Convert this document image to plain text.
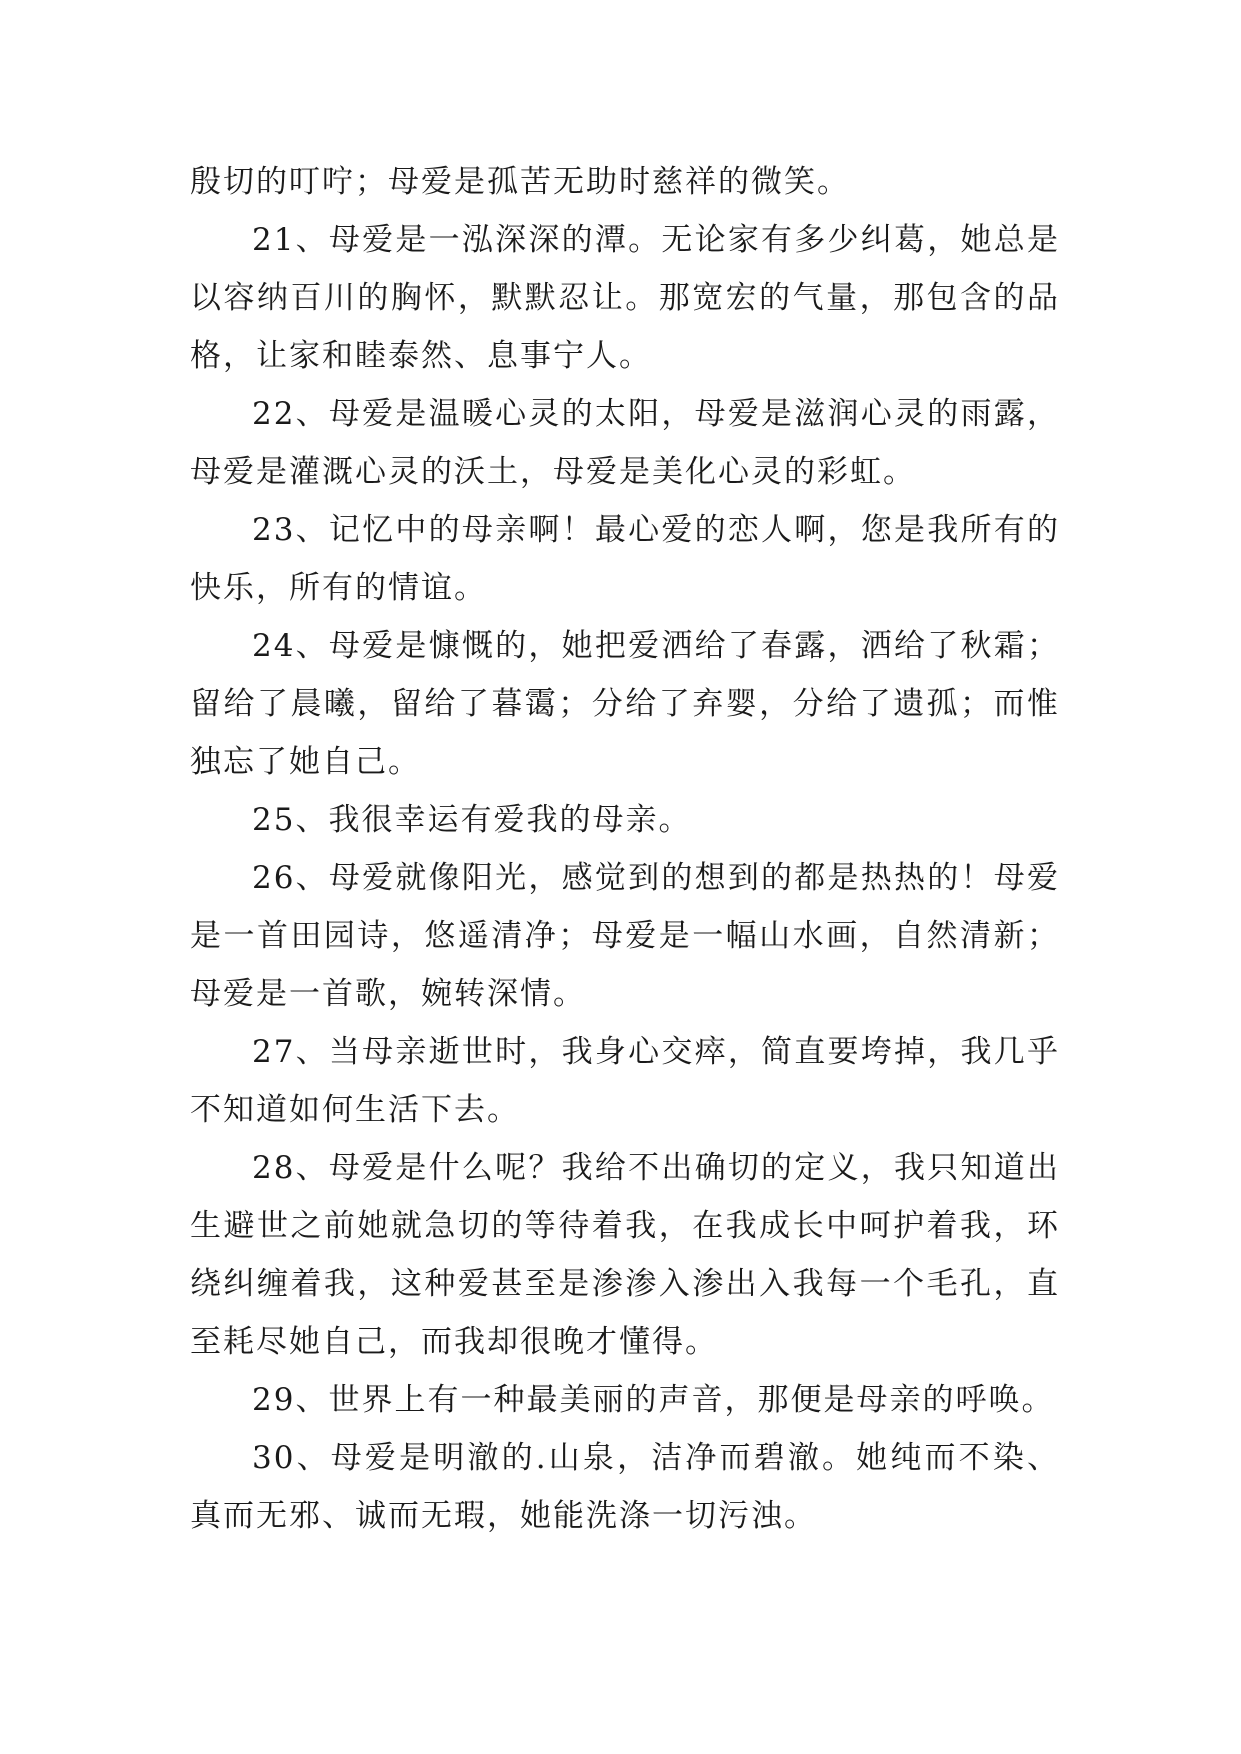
殷切的叮咛；母爱是孤苦无助时慈祥的微笑。
21、母爱是一泓深深的潭。无论家有多少纠葛，她总是
以容纳百川的胸怀，默默忍让。那宽宏的气量，那包含的品
格，让家和睦泰然、息事宁人。
22、母爱是温暖心灵的太阳，母爱是滋润心灵的雨露，
母爱是灌溉心灵的沃土，母爱是美化心灵的彩虹。
23、记忆中的母亲啊！最心爱的恋人啊，您是我所有的
快乐，所有的情谊。
24、母爱是慷慨的，她把爱洒给了春露，洒给了秋霜；
留给了晨曦，留给了暮霭；分给了弃婴，分给了遗孤；而惟
独忘了她自己。
25、我很幸运有爱我的母亲。
26、母爱就像阳光，感觉到的想到的都是热热的！母爱
是一首田园诗，悠遥清净；母爱是一幅山水画，自然清新；
母爱是一首歌，婉转深情。
27、当母亲逝世时，我身心交瘁，简直要垮掉，我几乎
不知道如何生活下去。
28、母爱是什么呢？我给不出确切的定义，我只知道出
生避世之前她就急切的等待着我，在我成长中呵护着我，环
绕纠缠着我，这种爱甚至是渗渗入渗出入我每一个毛孔，直
至耗尽她自己，而我却很晚才懂得。
29、世界上有一种最美丽的声音，那便是母亲的呼唤。
30、母爱是明澈的.山泉，洁净而碧澈。她纯而不染、
真而无邪、诚而无瑕，她能洗涤一切污浊。
